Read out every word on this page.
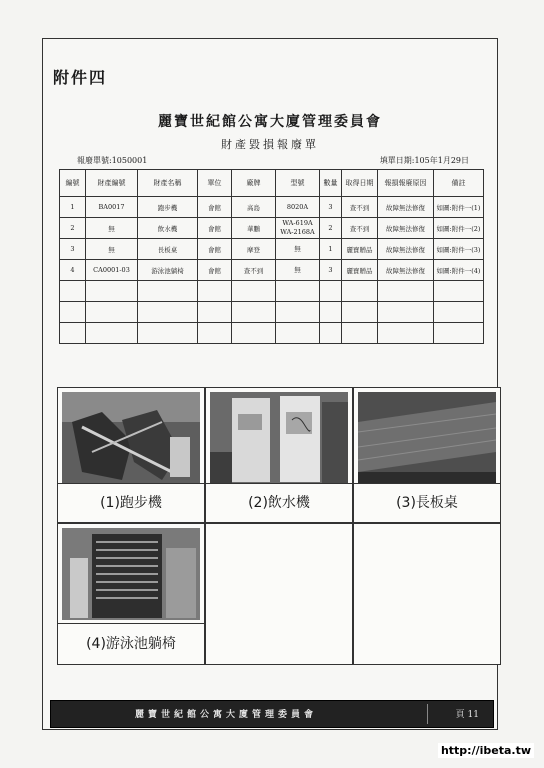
附件四
麗寶世紀館公寓大廈管理委員會
財產毀損報廢單
報廢單號:1050001	填單日期:105年1月29日
編號	財產編號	財產名稱	單位	廠牌	型號	數量	取得日期	報損報廢原因	備註
1	BA0017	跑步機	會館	高島	8020A	3	查不到	故障無法修復	如圖:附件一(1)
2	無	飲水機	會館	華鵬	WA-619A
WA-2168A	2	查不到	故障無法修復	如圖:附件一(2)
3	無	長板桌	會館	摩登	無	1	麗寶贈品	故障無法修復	如圖:附件一(3)
4	CA0001-03	游泳池躺椅	會館	查不到	無	3	麗寶贈品	故障無法修復	如圖:附件一(4)

(1)跑步機	(2)飲水機	(3)長板桌
(4)游泳池躺椅
麗寶世紀館公寓大廈管理委員會	頁 11
http://ibeta.tw
